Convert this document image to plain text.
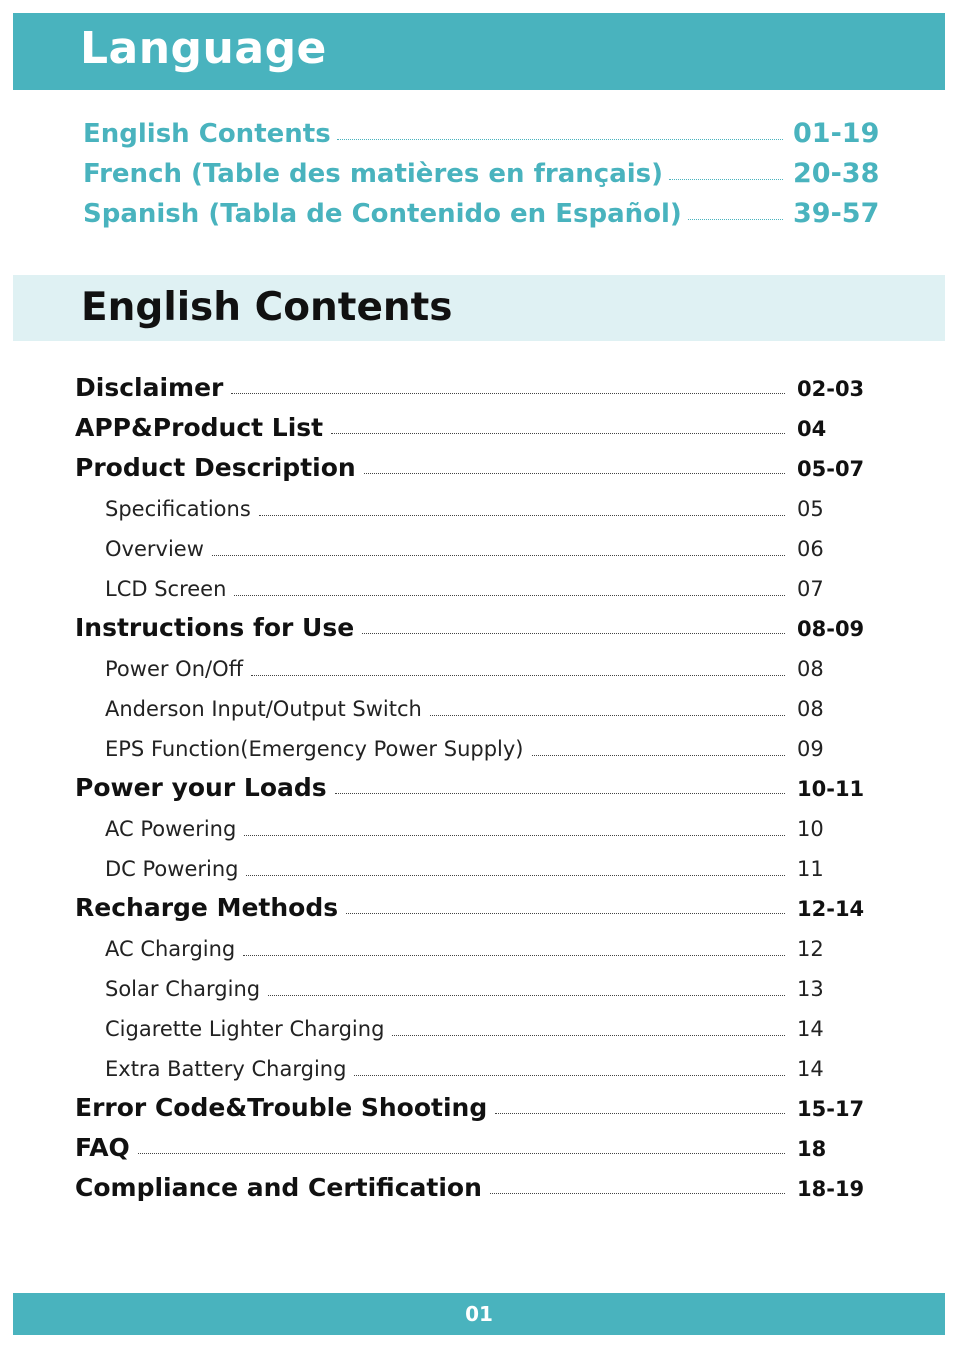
Language
English Contents	01-19
French (Table des matières en français)	20-38
Spanish (Tabla de Contenido en Español)	39-57
English Contents
Disclaimer	02-03
APP&Product List	04
Product Description	05-07
Specifications	05
Overview	06
LCD Screen	07
Instructions for Use	08-09
Power On/Off	08
Anderson Input/Output Switch	08
EPS Function(Emergency Power Supply)	09
Power your Loads	10-11
AC Powering	10
DC Powering	11
Recharge Methods	12-14
AC Charging	12
Solar Charging	13
Cigarette Lighter Charging	14
Extra Battery Charging	14
Error Code&Trouble Shooting	15-17
FAQ	18
Compliance and Certification	18-19
01
